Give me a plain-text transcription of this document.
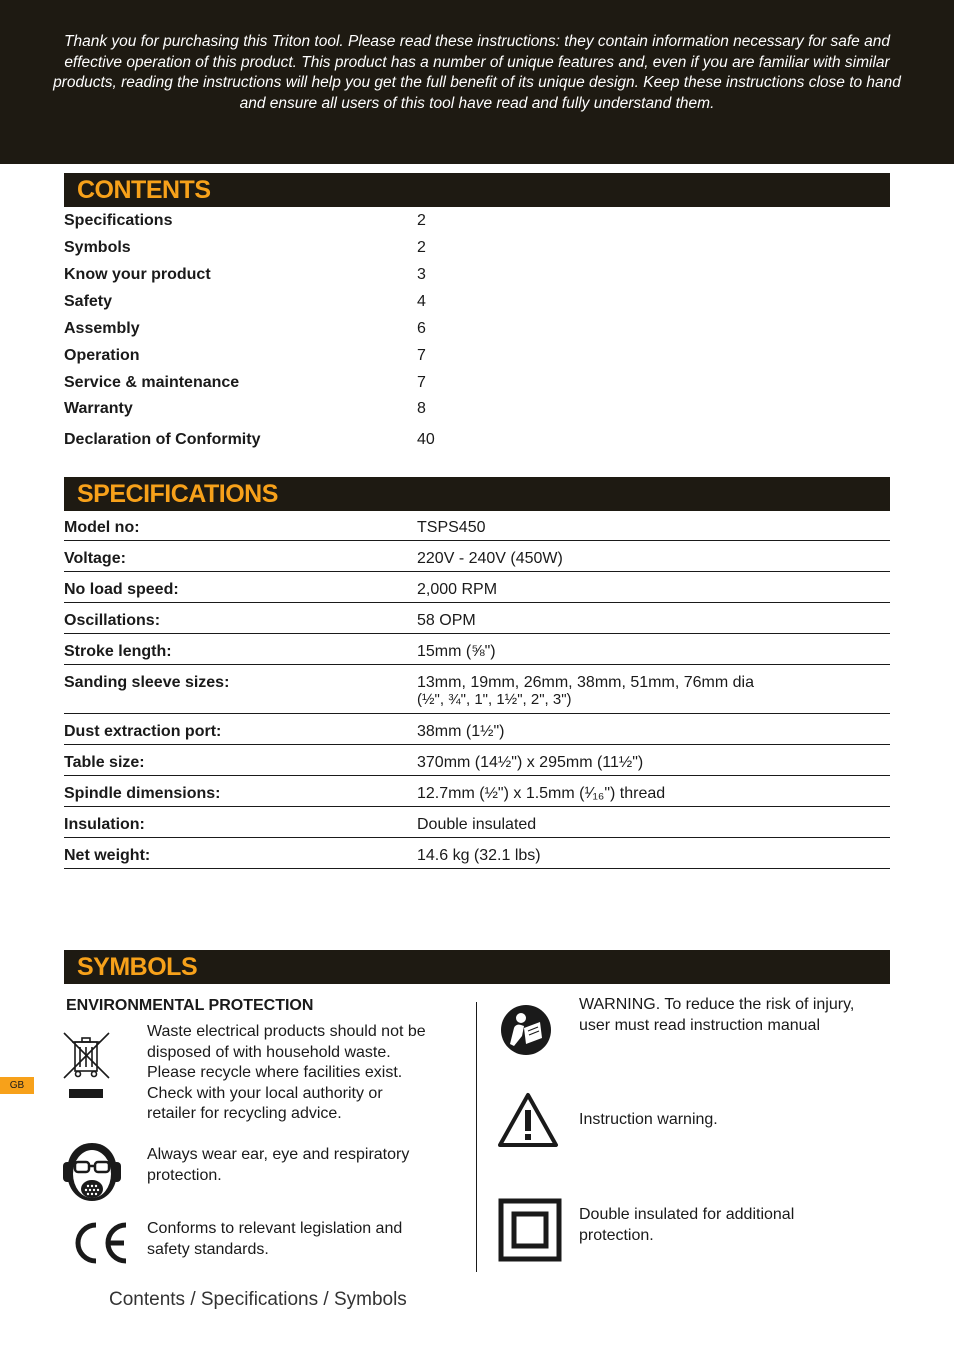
Thank you for purchasing this Triton tool. Please read these instructions: they contain information necessary for safe and effective operation of this product. This product has a number of unique features and, even if you are familiar with similar products, reading the instructions will help you get the full benefit of its unique design. Keep these instructions close to hand and ensure all users of this tool have read and fully understand them.

CONTENTS
Specifications	2
Symbols	2
Know your product	3
Safety	4
Assembly	6
Operation	7
Service & maintenance	7
Warranty	8
Declaration of Conformity	40
SPECIFICATIONS
Model no:	TSPS450
Voltage:	220V - 240V (450W)
No load speed:	2,000 RPM
Oscillations:	58 OPM
Stroke length:	15mm (⅝")
Sanding sleeve sizes:	13mm, 19mm, 26mm, 38mm, 51mm, 76mm dia
(½", ¾", 1", 1½", 2", 3")
Dust extraction port:	38mm (1½")
Table size:	370mm (14½") x 295mm (11½")
Spindle dimensions:	12.7mm (½") x 1.5mm (¹⁄₁₆") thread
Insulation:	Double insulated
Net weight:	14.6 kg (32.1 lbs)
SYMBOLS
ENVIRONMENTAL PROTECTION
Waste electrical products should not be disposed of with household waste. Please recycle where facilities exist. Check with your local authority or retailer for recycling advice.
Always wear ear, eye and respiratory protection.
Conforms to relevant legislation and safety standards.
WARNING. To reduce the risk of injury, user must read instruction manual
Instruction warning.
Double insulated for additional protection.
GB
Contents / Specifications / Symbols
